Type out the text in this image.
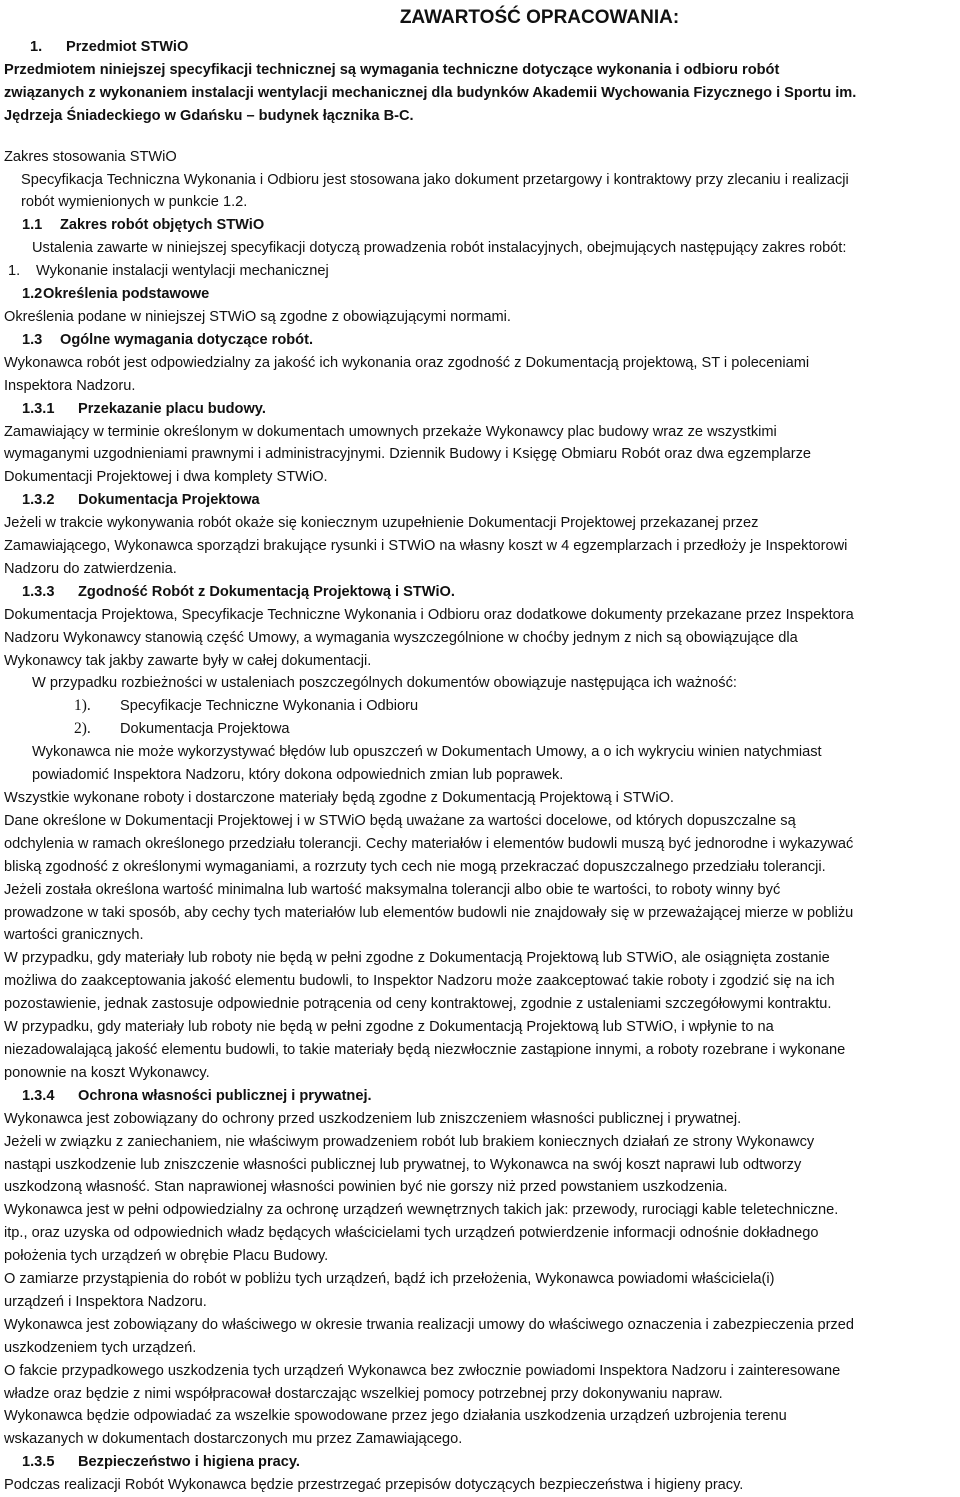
ZAWARTOŚĆ OPRACOWANIA:

1. Przedmiot STWiO

Przedmiotem niniejszej specyfikacji technicznej są wymagania techniczne dotyczące wykonania i odbioru robót

związanych z wykonaniem instalacji wentylacji mechanicznej dla budynków Akademii Wychowania Fizycznego i Sportu im.

Jędrzeja Śniadeckiego w Gdańsku – budynek łącznika B-C.

Zakres stosowania STWiO

Specyfikacja Techniczna Wykonania i Odbioru jest stosowana jako dokument przetargowy i kontraktowy przy zlecaniu i realizacji

robót wymienionych w punkcie 1.2.

1.1 Zakres robót objętych STWiO

Ustalenia zawarte w niniejszej specyfikacji dotyczą prowadzenia robót instalacyjnych, obejmujących następujący zakres robót:

1. Wykonanie instalacji wentylacji mechanicznej

1.2Określenia podstawowe

Określenia podane w niniejszej STWiO są zgodne z obowiązującymi normami.

1.3 Ogólne wymagania dotyczące robót.

Wykonawca robót jest odpowiedzialny za jakość ich wykonania oraz zgodność z Dokumentacją projektową, ST i poleceniami

Inspektora Nadzoru.

1.3.1 Przekazanie placu budowy.

Zamawiający w terminie określonym w dokumentach umownych przekaże Wykonawcy plac budowy wraz ze wszystkimi

wymaganymi uzgodnieniami prawnymi i administracyjnymi. Dziennik Budowy i Księgę Obmiaru Robót oraz dwa egzemplarze

Dokumentacji Projektowej i dwa komplety STWiO.

1.3.2 Dokumentacja Projektowa

Jeżeli w trakcie wykonywania robót okaże się koniecznym uzupełnienie Dokumentacji Projektowej przekazanej przez

Zamawiającego, Wykonawca sporządzi brakujące rysunki i STWiO na własny koszt w 4 egzemplarzach i przedłoży je Inspektorowi

Nadzoru do zatwierdzenia.

1.3.3 Zgodność Robót z Dokumentacją Projektową i STWiO.

Dokumentacja Projektowa, Specyfikacje Techniczne Wykonania i Odbioru oraz dodatkowe dokumenty przekazane przez Inspektora

Nadzoru Wykonawcy stanowią część Umowy, a wymagania wyszczególnione w choćby jednym z nich są obowiązujące dla

Wykonawcy tak jakby zawarte były w całej dokumentacji.

W przypadku rozbieżności w ustaleniach poszczególnych dokumentów obowiązuje następująca ich ważność:

1). Specyfikacje Techniczne Wykonania i Odbioru

2). Dokumentacja Projektowa

Wykonawca nie może wykorzystywać błędów lub opuszczeń w Dokumentach Umowy, a o ich wykryciu winien natychmiast

powiadomić Inspektora Nadzoru, który dokona odpowiednich zmian lub poprawek.

Wszystkie wykonane roboty i dostarczone materiały będą zgodne z Dokumentacją Projektową i STWiO.

Dane określone w Dokumentacji Projektowej i w STWiO będą uważane za wartości docelowe, od których dopuszczalne są

odchylenia w ramach określonego przedziału tolerancji. Cechy materiałów i elementów budowli muszą być jednorodne i wykazywać

bliską zgodność z określonymi wymaganiami, a rozrzuty tych cech nie mogą przekraczać dopuszczalnego przedziału tolerancji.

Jeżeli została określona wartość minimalna lub wartość maksymalna tolerancji albo obie te wartości, to roboty winny być

prowadzone w taki sposób, aby cechy tych materiałów lub elementów budowli nie znajdowały się w przeważającej mierze w pobliżu

wartości granicznych.

W przypadku, gdy materiały lub roboty nie będą w pełni zgodne z Dokumentacją Projektową lub STWiO, ale osiągnięta zostanie

możliwa do zaakceptowania jakość elementu budowli, to Inspektor Nadzoru może zaakceptować takie roboty i zgodzić się na ich

pozostawienie, jednak zastosuje odpowiednie potrącenia od ceny kontraktowej, zgodnie z ustaleniami szczegółowymi kontraktu.

W przypadku, gdy materiały lub roboty nie będą w pełni zgodne z Dokumentacją Projektową lub STWiO, i wpłynie to na

niezadowalającą jakość elementu budowli, to takie materiały będą niezwłocznie zastąpione innymi, a roboty rozebrane i wykonane

ponownie na koszt Wykonawcy.

1.3.4 Ochrona własności publicznej i prywatnej.

Wykonawca jest zobowiązany do ochrony przed uszkodzeniem lub zniszczeniem własności publicznej i prywatnej.

Jeżeli w związku z zaniechaniem, nie właściwym prowadzeniem robót lub brakiem koniecznych działań ze strony Wykonawcy

nastąpi uszkodzenie lub zniszczenie własności publicznej lub prywatnej, to Wykonawca na swój koszt naprawi lub odtworzy

uszkodzoną własność. Stan naprawionej własności powinien być nie gorszy niż przed powstaniem uszkodzenia.

Wykonawca jest w pełni odpowiedzialny za ochronę urządzeń wewnętrznych takich jak: przewody, rurociągi kable teletechniczne.

itp., oraz uzyska od odpowiednich władz będących właścicielami tych urządzeń potwierdzenie informacji odnośnie dokładnego

położenia tych urządzeń w obrębie Placu Budowy.

O zamiarze przystąpienia do robót w pobliżu tych urządzeń, bądź ich przełożenia, Wykonawca powiadomi właściciela(i)

urządzeń i Inspektora Nadzoru.

Wykonawca jest zobowiązany do właściwego w okresie trwania realizacji umowy do właściwego oznaczenia i zabezpieczenia przed

uszkodzeniem tych urządzeń.

O fakcie przypadkowego uszkodzenia tych urządzeń Wykonawca bez zwłocznie powiadomi Inspektora Nadzoru i zainteresowane

władze oraz będzie z nimi współpracował dostarczając wszelkiej pomocy potrzebnej przy dokonywaniu napraw.

Wykonawca będzie odpowiadać za wszelkie spowodowane przez jego działania uszkodzenia urządzeń uzbrojenia terenu

wskazanych w dokumentach dostarczonych mu przez Zamawiającego.

1.3.5 Bezpieczeństwo i higiena pracy.

Podczas realizacji Robót Wykonawca będzie przestrzegać przepisów dotyczących bezpieczeństwa i higieny pracy.
